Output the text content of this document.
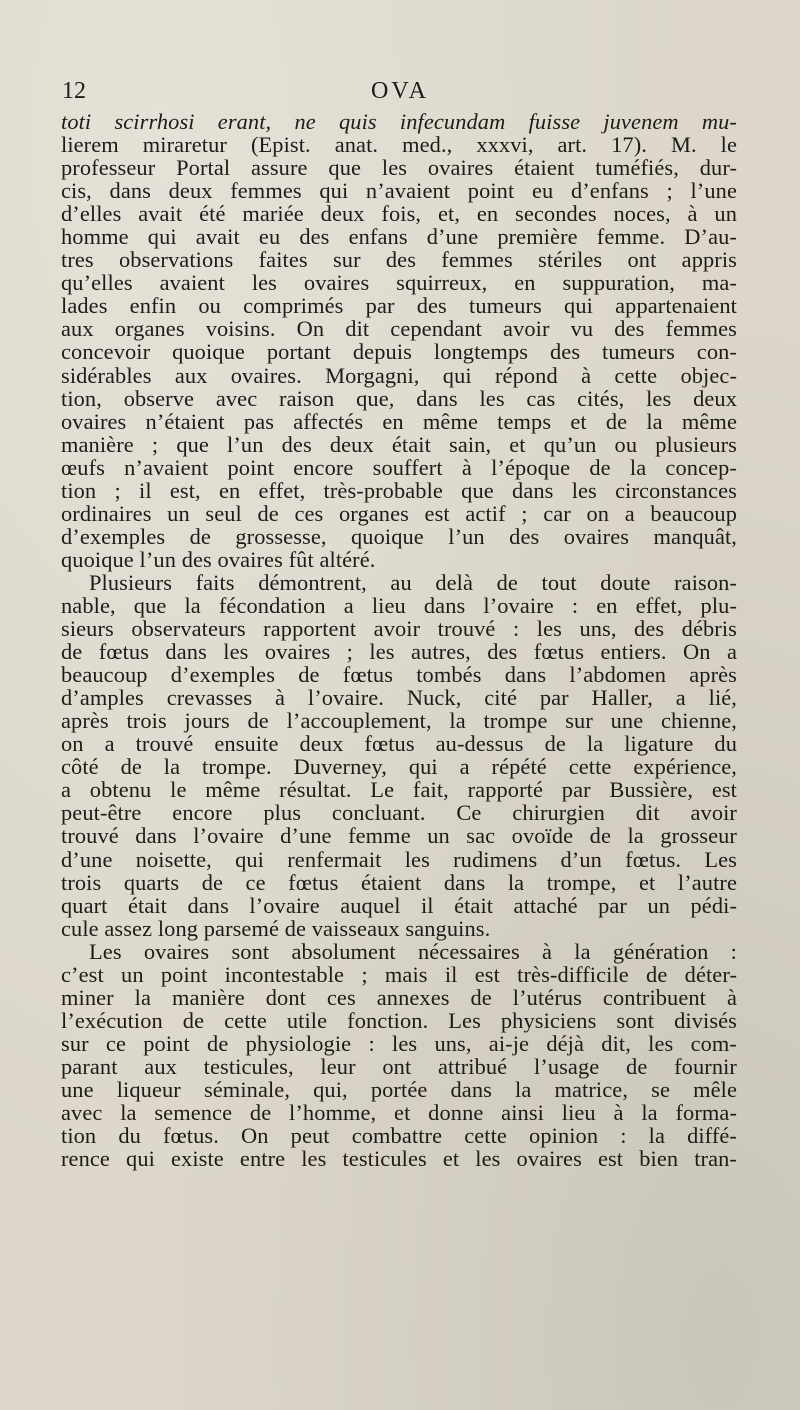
12	OVA
toti scirrhosi erant, ne quis infecundam fuisse juvenem mu-
lierem miraretur (Epist. anat. med., xxxvi, art. 17). M. le
professeur Portal assure que les ovaires étaient tuméfiés, dur-
cis, dans deux femmes qui n’avaient point eu d’enfans ; l’une
d’elles avait été mariée deux fois, et, en secondes noces, à un
homme qui avait eu des enfans d’une première femme. D’au-
tres observations faites sur des femmes stériles ont appris
qu’elles avaient les ovaires squirreux, en suppuration, ma-
lades enfin ou comprimés par des tumeurs qui appartenaient
aux organes voisins. On dit cependant avoir vu des femmes
concevoir quoique portant depuis longtemps des tumeurs con-
sidérables aux ovaires. Morgagni, qui répond à cette objec-
tion, observe avec raison que, dans les cas cités, les deux
ovaires n’étaient pas affectés en même temps et de la même
manière ; que l’un des deux était sain, et qu’un ou plusieurs
œufs n’avaient point encore souffert à l’époque de la concep-
tion ; il est, en effet, très-probable que dans les circonstances
ordinaires un seul de ces organes est actif ; car on a beaucoup
d’exemples de grossesse, quoique l’un des ovaires manquât,
quoique l’un des ovaires fût altéré.
Plusieurs faits démontrent, au delà de tout doute raison-
nable, que la fécondation a lieu dans l’ovaire : en effet, plu-
sieurs observateurs rapportent avoir trouvé : les uns, des débris
de fœtus dans les ovaires ; les autres, des fœtus entiers. On a
beaucoup d’exemples de fœtus tombés dans l’abdomen après
d’amples crevasses à l’ovaire. Nuck, cité par Haller, a lié,
après trois jours de l’accouplement, la trompe sur une chienne,
on a trouvé ensuite deux fœtus au-dessus de la ligature du
côté de la trompe. Duverney, qui a répété cette expérience,
a obtenu le même résultat. Le fait, rapporté par Bussière, est
peut-être encore plus concluant. Ce chirurgien dit avoir
trouvé dans l’ovaire d’une femme un sac ovoïde de la grosseur
d’une noisette, qui renfermait les rudimens d’un fœtus. Les
trois quarts de ce fœtus étaient dans la trompe, et l’autre
quart était dans l’ovaire auquel il était attaché par un pédi-
cule assez long parsemé de vaisseaux sanguins.
Les ovaires sont absolument nécessaires à la génération :
c’est un point incontestable ; mais il est très-difficile de déter-
miner la manière dont ces annexes de l’utérus contribuent à
l’exécution de cette utile fonction. Les physiciens sont divisés
sur ce point de physiologie : les uns, ai-je déjà dit, les com-
parant aux testicules, leur ont attribué l’usage de fournir
une liqueur séminale, qui, portée dans la matrice, se mêle
avec la semence de l’homme, et donne ainsi lieu à la forma-
tion du fœtus. On peut combattre cette opinion : la diffé-
rence qui existe entre les testicules et les ovaires est bien tran-
